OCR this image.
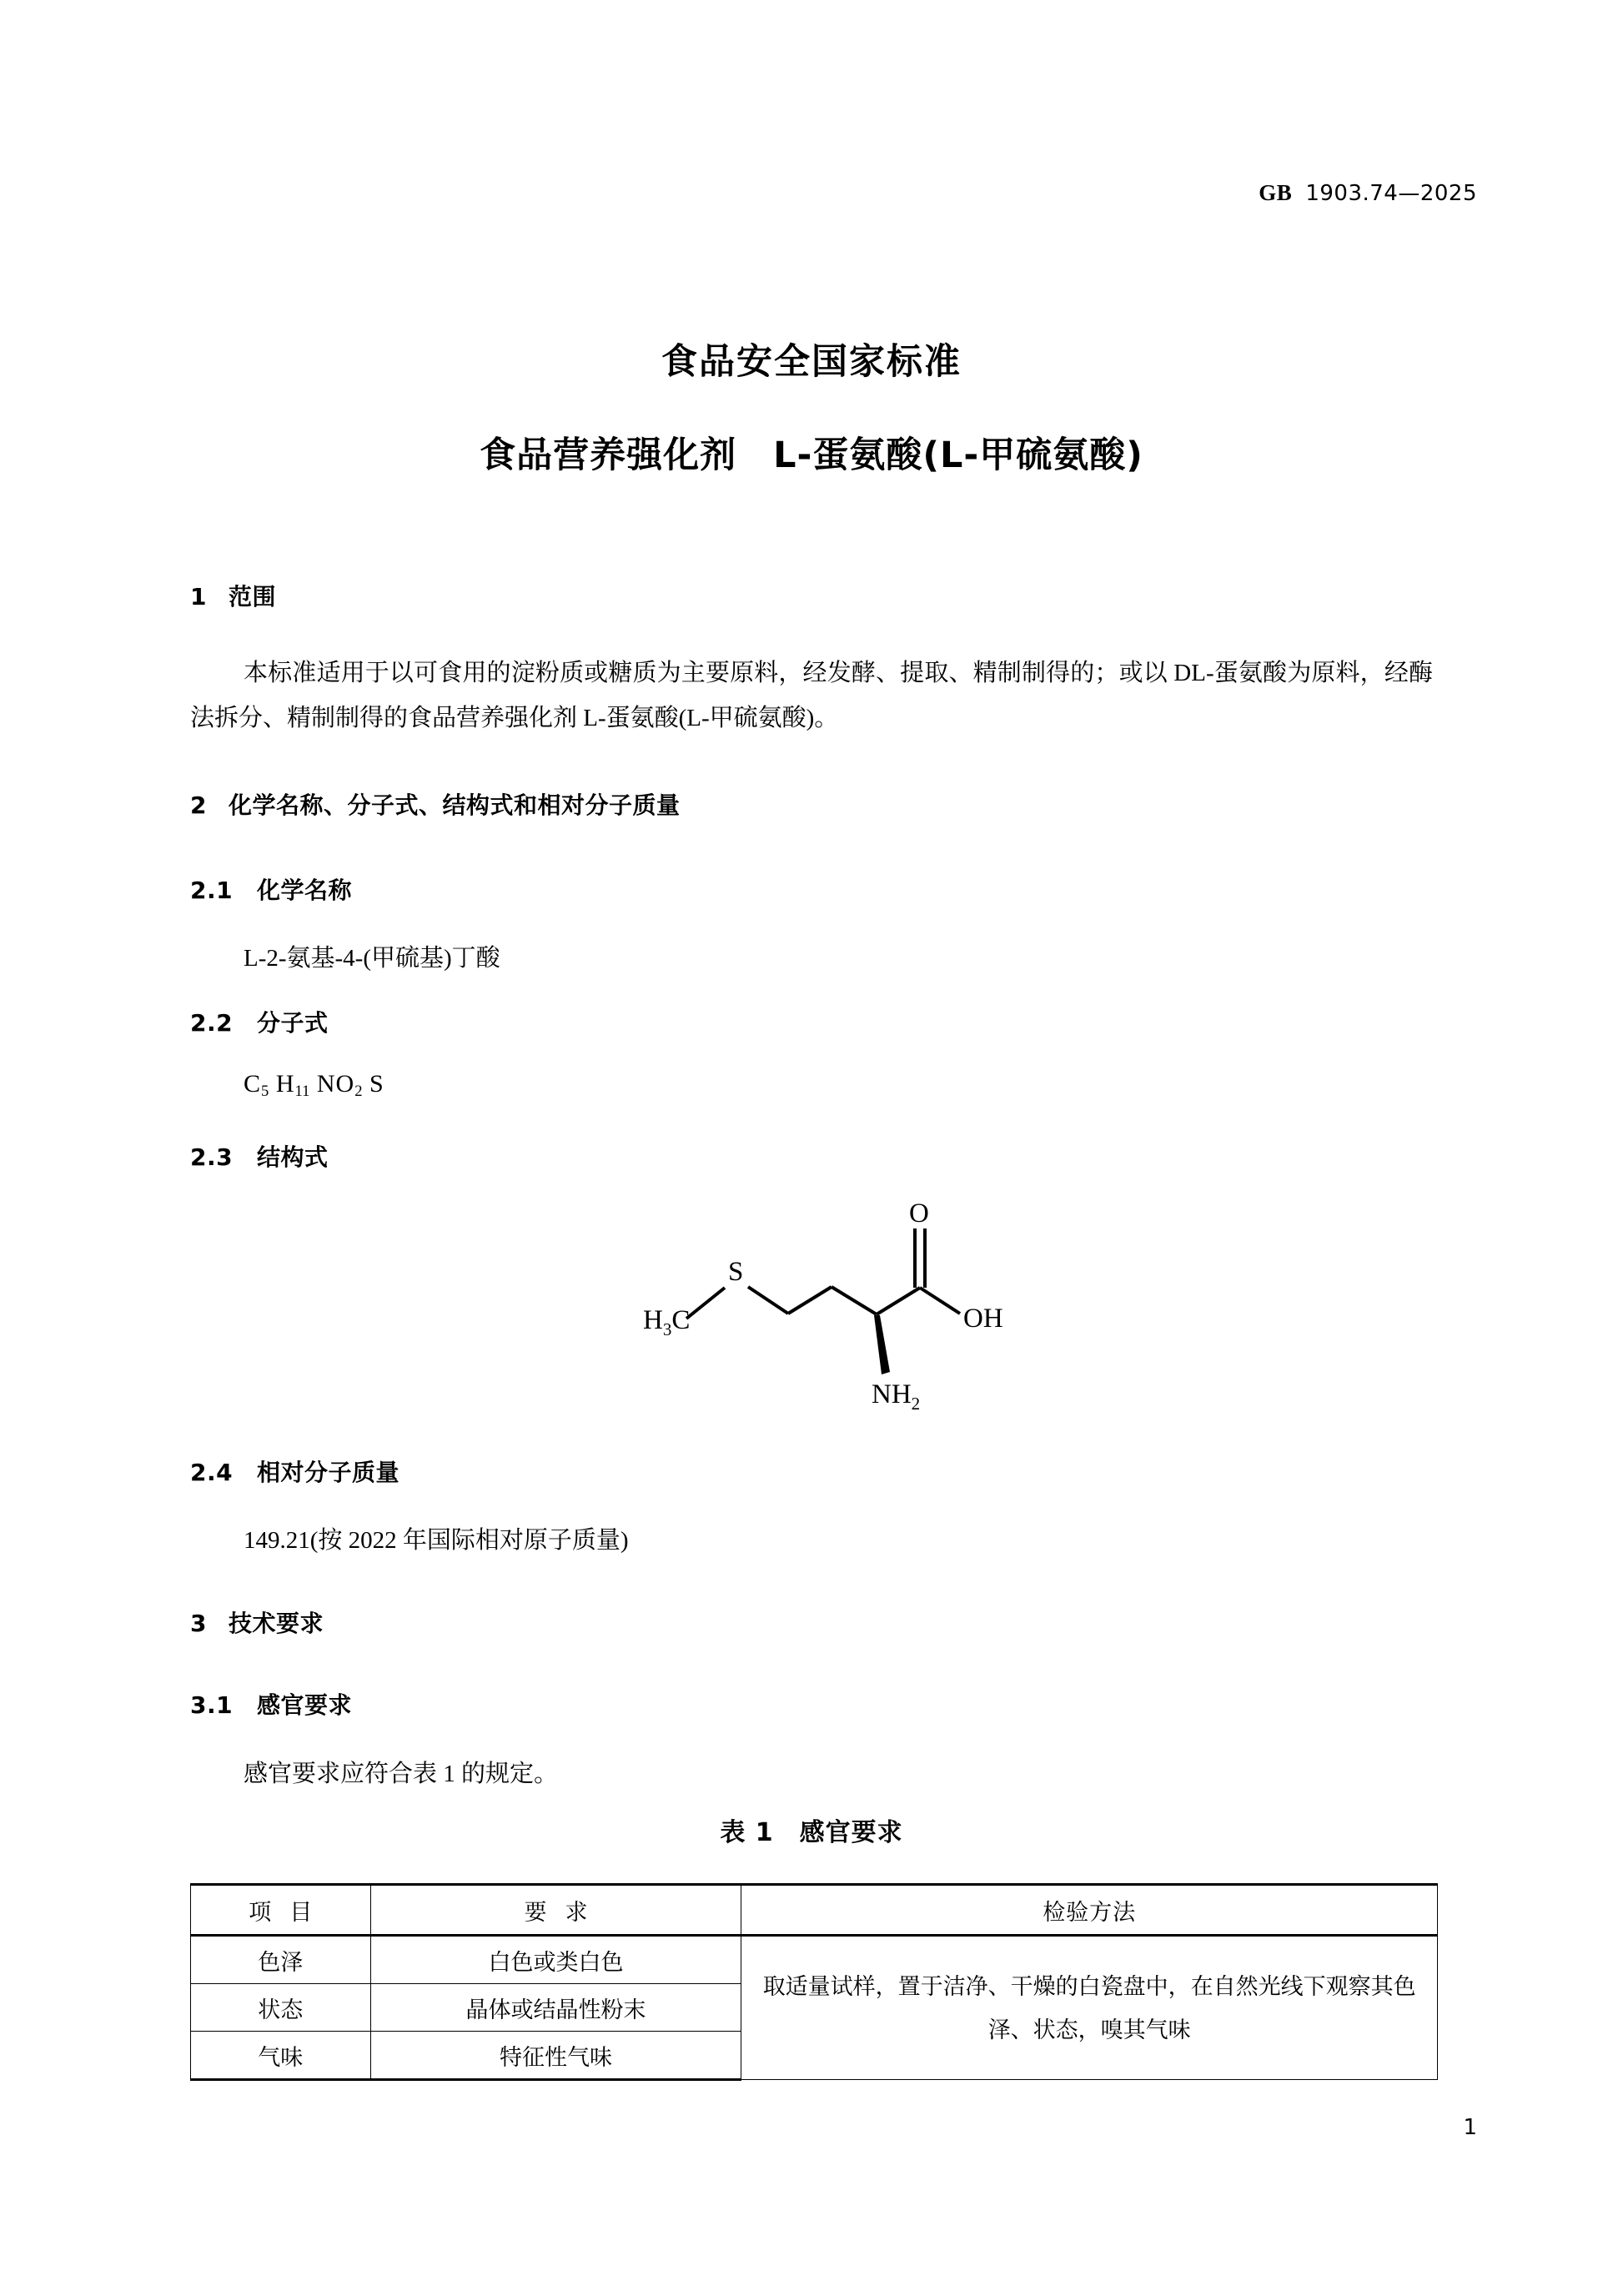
GB 1903.74—2025
食品安全国家标准
食品营养强化剂　L-蛋氨酸(L-甲硫氨酸)
1 范围
本标准适用于以可食用的淀粉质或糖质为主要原料，经发酵、提取、精制制得的；或以 DL-蛋氨酸为原料，经酶法拆分、精制制得的食品营养强化剂 L-蛋氨酸(L-甲硫氨酸)。
2 化学名称、分子式、结构式和相对分子质量
2.1 化学名称
L-2-氨基-4-(甲硫基)丁酸
2.2 分子式
$C_5$ $H_{11}$ $NO_2$ S
2.3 结构式
$H_3C$
S
O
OH
$NH_2$
2.4 相对分子质量
149.21(按 2022 年国际相对原子质量)
3 技术要求
3.1 感官要求
感官要求应符合表 1 的规定。
表 1　感官要求
项目	要求	检验方法
色泽	白色或类白色	取适量试样，置于洁净、干燥的白瓷盘中，在自然光线下观察其色泽、状态，嗅其气味
状态	晶体或结晶性粉末	
气味	特征性气味	
1
